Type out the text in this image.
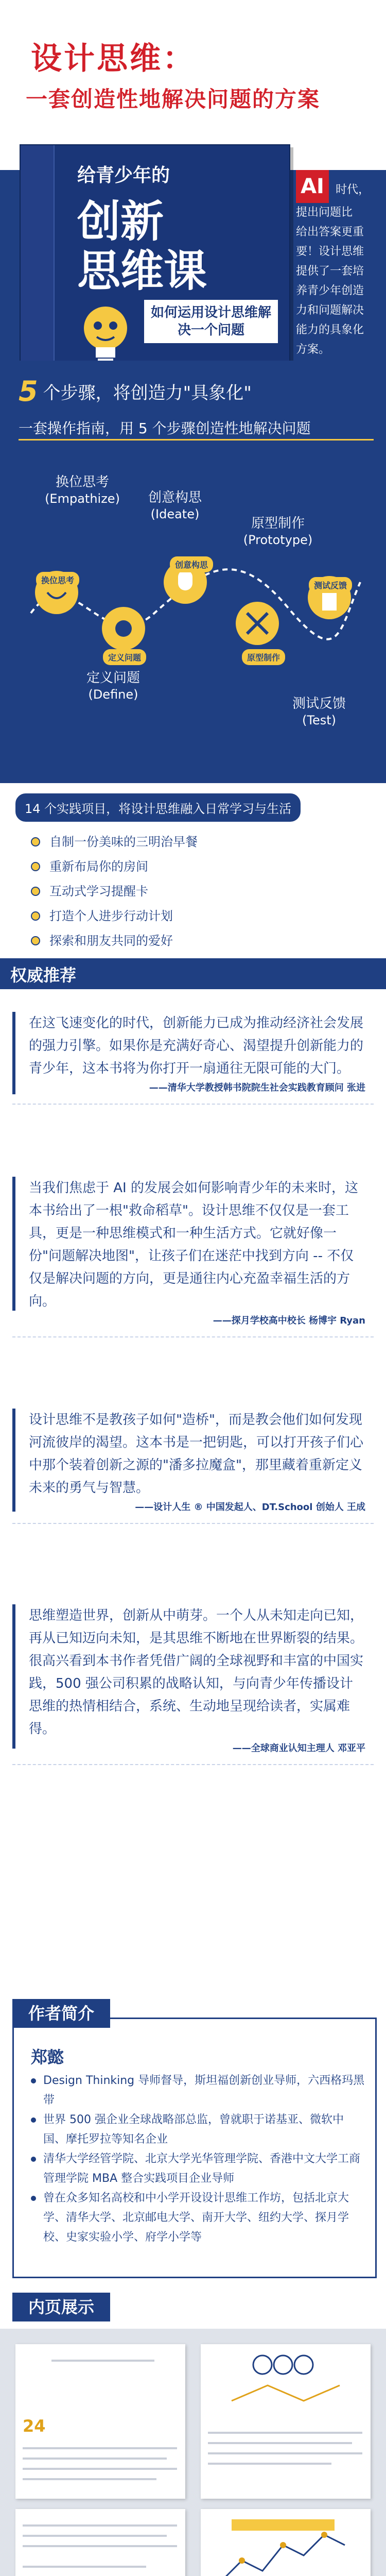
设计思维：
一套创造性地解决问题的方案
给青少年的
创新
思维课
如何运用设计思维解决一个问题
AI 时代，
提出问题比
给出答案更重要！设计思维
提供了一套培养青少年创造
力和问题解决能力的具象化
方案。
5 个步骤，将创造力"具象化"
一套操作指南，用 5 个步骤创造性地解决问题
换位思考
(Empathize)	创意构思
(Ideate)
原型制作
(Prototype)
定义问题
(Define)
测试反馈
(Test)
换位思考
定义问题
创意构思
原型制作
测试反馈
14 个实践项目，将设计思维融入日常学习与生活
自制一份美味的三明治早餐
重新布局你的房间
互动式学习提醒卡
打造个人进步行动计划
探索和朋友共同的爱好
权威推荐
在这飞速变化的时代，创新能力已成为推动经济社会发展的强力引擎。如果你是充满好奇心、渴望提升创新能力的青少年，这本书将为你打开一扇通往无限可能的大门。
——清华大学教授韩书院院生社会实践教育顾问 张进
当我们焦虑于 AI 的发展会如何影响青少年的未来时，这本书给出了一根"救命稻草"。设计思维不仅仅是一套工具，更是一种思维模式和一种生活方式。它就好像一份"问题解决地图"，让孩子们在迷茫中找到方向 -- 不仅仅是解决问题的方向，更是通往内心充盈幸福生活的方向。
——探月学校高中校长 杨博宇 Ryan
设计思维不是教孩子如何"造桥"，而是教会他们如何发现河流彼岸的渴望。这本书是一把钥匙，可以打开孩子们心中那个装着创新之源的"潘多拉魔盒"，那里藏着重新定义未来的勇气与智慧。
——设计人生 ® 中国发起人、DT.School 创始人 王成
思维塑造世界，创新从中萌芽。一个人从未知走向已知，再从已知迈向未知，是其思维不断地在世界断裂的结果。很高兴看到本书作者凭借广阔的全球视野和丰富的中国实践，500 强公司积累的战略认知，与向青少年传播设计思维的热情相结合，系统、生动地呈现给读者，实属难得。
——全球商业认知主理人 邓亚平
作者简介
郑懿
Design Thinking 导师督导，斯坦福创新创业导师，六西格玛黑带
世界 500 强企业全球战略部总监，曾就职于诺基亚、微软中国、摩托罗拉等知名企业
清华大学经管学院、北京大学光华管理学院、香港中文大学工商管理学院 MBA 整合实践项目企业导师
曾在众多知名高校和中小学开设设计思维工作坊，包括北京大学、清华大学、北京邮电大学、南开大学、纽约大学、探月学校、史家实验小学、府学小学等
内页展示
24
